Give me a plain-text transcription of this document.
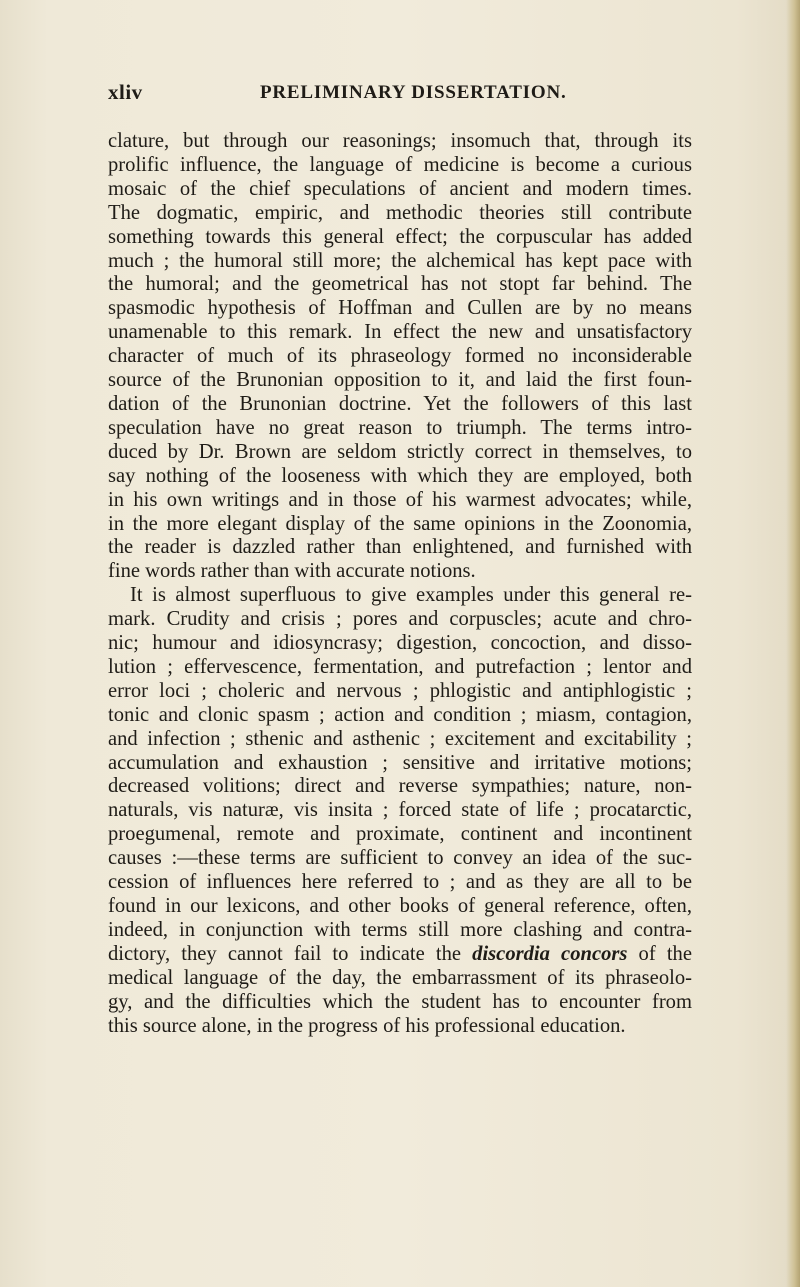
xliv	PRELIMINARY DISSERTATION.
clature, but through our reasonings; insomuch that, through its
prolific influence, the language of medicine is become a curious
mosaic of the chief speculations of ancient and modern times.
The dogmatic, empiric, and methodic theories still contribute
something towards this general effect; the corpuscular has added
much ; the humoral still more; the alchemical has kept pace with
the humoral; and the geometrical has not stopt far behind. The
spasmodic hypothesis of Hoffman and Cullen are by no means
unamenable to this remark. In effect the new and unsatisfactory
character of much of its phraseology formed no inconsiderable
source of the Brunonian opposition to it, and laid the first foun-
dation of the Brunonian doctrine. Yet the followers of this last
speculation have no great reason to triumph. The terms intro-
duced by Dr. Brown are seldom strictly correct in themselves, to
say nothing of the looseness with which they are employed, both
in his own writings and in those of his warmest advocates; while,
in the more elegant display of the same opinions in the Zoonomia,
the reader is dazzled rather than enlightened, and furnished with
fine words rather than with accurate notions.
It is almost superfluous to give examples under this general re-
mark. Crudity and crisis ; pores and corpuscles; acute and chro-
nic; humour and idiosyncrasy; digestion, concoction, and disso-
lution ; effervescence, fermentation, and putrefaction ; lentor and
error loci ; choleric and nervous ; phlogistic and antiphlogistic ;
tonic and clonic spasm ; action and condition ; miasm, contagion,
and infection ; sthenic and asthenic ; excitement and excitability ;
accumulation and exhaustion ; sensitive and irritative motions;
decreased volitions; direct and reverse sympathies; nature, non-
naturals, vis naturæ, vis insita ; forced state of life ; procatarctic,
proegumenal, remote and proximate, continent and incontinent
causes :—these terms are sufficient to convey an idea of the suc-
cession of influences here referred to ; and as they are all to be
found in our lexicons, and other books of general reference, often,
indeed, in conjunction with terms still more clashing and contra-
dictory, they cannot fail to indicate the discordia concors of the
medical language of the day, the embarrassment of its phraseolo-
gy, and the difficulties which the student has to encounter from
this source alone, in the progress of his professional education.
